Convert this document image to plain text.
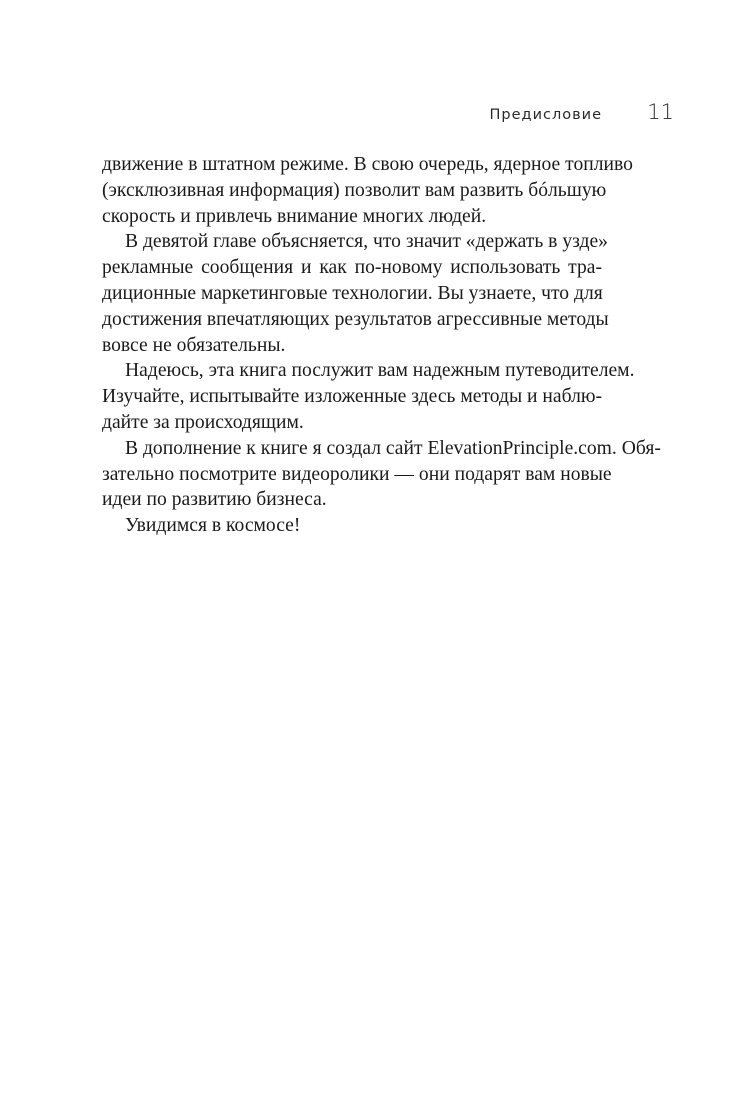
Предисловие	11
движение в штатном режиме. В свою очередь, ядерное топливо
(эксклюзивная информация) позволит вам развить бóльшую
скорость и привлечь внимание многих людей.
В девятой главе объясняется, что значит «держать в узде»
рекламные сообщения и как по-новому использовать тра-
диционные маркетинговые технологии. Вы узнаете, что для
достижения впечатляющих результатов агрессивные методы
вовсе не обязательны.
Надеюсь, эта книга послужит вам надежным путеводителем.
Изучайте, испытывайте изложенные здесь методы и наблю-
дайте за происходящим.
В дополнение к книге я создал сайт ElevationPrinciple.com. Обя-
зательно посмотрите видеоролики — они подарят вам новые
идеи по развитию бизнеса.
Увидимся в космосе!
